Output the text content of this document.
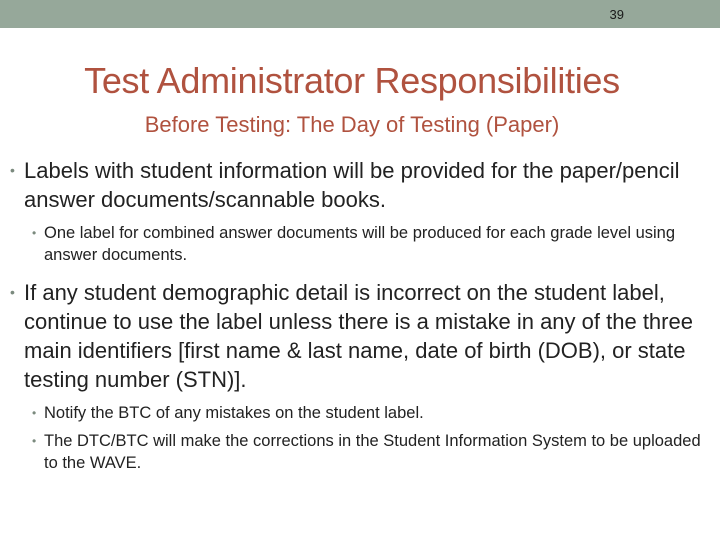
39
Test Administrator Responsibilities
Before Testing: The Day of Testing (Paper)
• Labels with student information will be provided for the paper/pencil answer documents/scannable books.
• One label for combined answer documents will be produced for each grade level using answer documents.
• If any student demographic detail is incorrect on the student label, continue to use the label unless there is a mistake in any of the three main identifiers [first name & last name, date of birth (DOB), or state testing number (STN)].
• Notify the BTC of any mistakes on the student label.
• The DTC/BTC will make the corrections in the Student Information System to be uploaded to the WAVE.
